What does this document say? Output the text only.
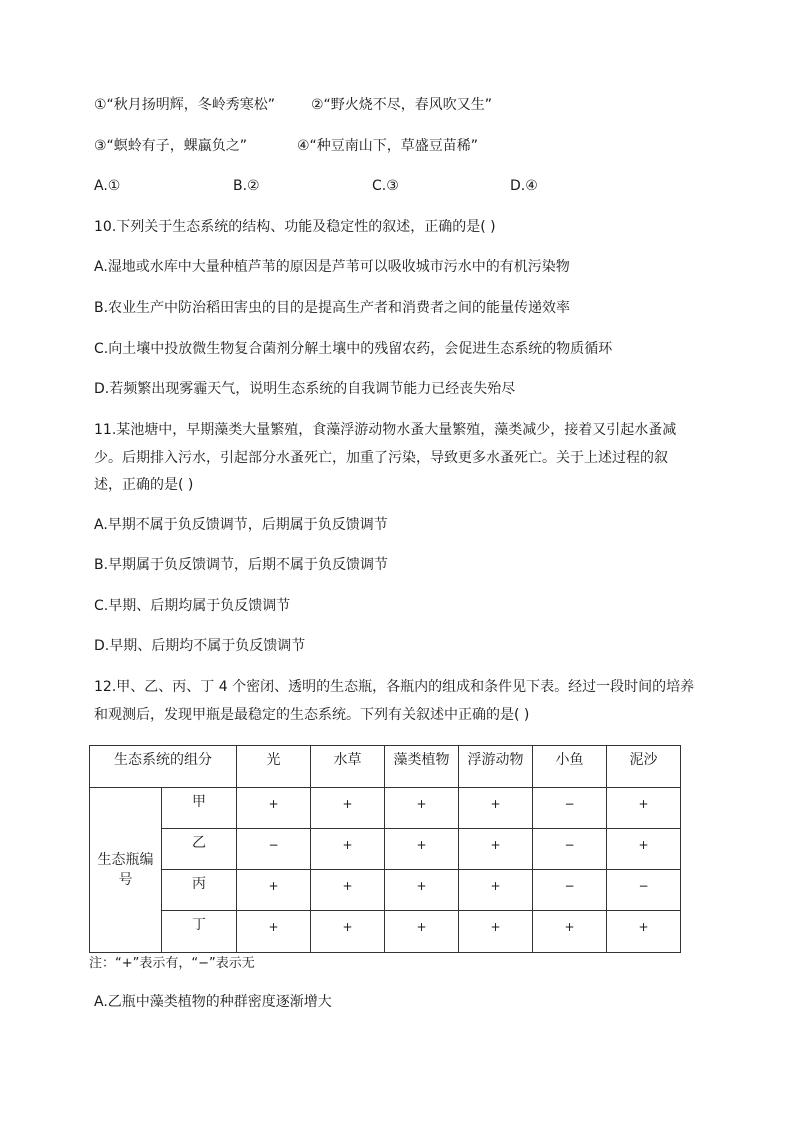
①“秋月扬明辉，冬岭秀寒松”	②“野火烧不尽，春风吹又生”
③“螟蛉有子，蜾蠃负之”	④“种豆南山下，草盛豆苗稀”
A.①	B.②	C.③	D.④
10.下列关于生态系统的结构、功能及稳定性的叙述，正确的是( )
A.湿地或水库中大量种植芦苇的原因是芦苇可以吸收城市污水中的有机污染物
B.农业生产中防治稻田害虫的目的是提高生产者和消费者之间的能量传递效率
C.向土壤中投放微生物复合菌剂分解土壤中的残留农药，会促进生态系统的物质循环
D.若频繁出现雾霾天气，说明生态系统的自我调节能力已经丧失殆尽
11.某池塘中，早期藻类大量繁殖，食藻浮游动物水蚤大量繁殖，藻类减少，接着又引起水蚤减
少。后期排入污水，引起部分水蚤死亡，加重了污染，导致更多水蚤死亡。关于上述过程的叙
述，正确的是( )
A.早期不属于负反馈调节，后期属于负反馈调节
B.早期属于负反馈调节，后期不属于负反馈调节
C.早期、后期均属于负反馈调节
D.早期、后期均不属于负反馈调节
12.甲、乙、丙、丁 4 个密闭、透明的生态瓶，各瓶内的组成和条件见下表。经过一段时间的培养
和观测后，发现甲瓶是最稳定的生态系统。下列有关叙述中正确的是( )
生态系统的组分		光	水草	藻类植物	浮游动物	小鱼	泥沙
生态瓶编号	甲	+	+	+	+	−	+
	乙	−	+	+	+	−	+
	丙	+	+	+	+	−	−
	丁	+	+	+	+	+	+
注：“+”表示有，“−”表示无
A.乙瓶中藻类植物的种群密度逐渐增大
